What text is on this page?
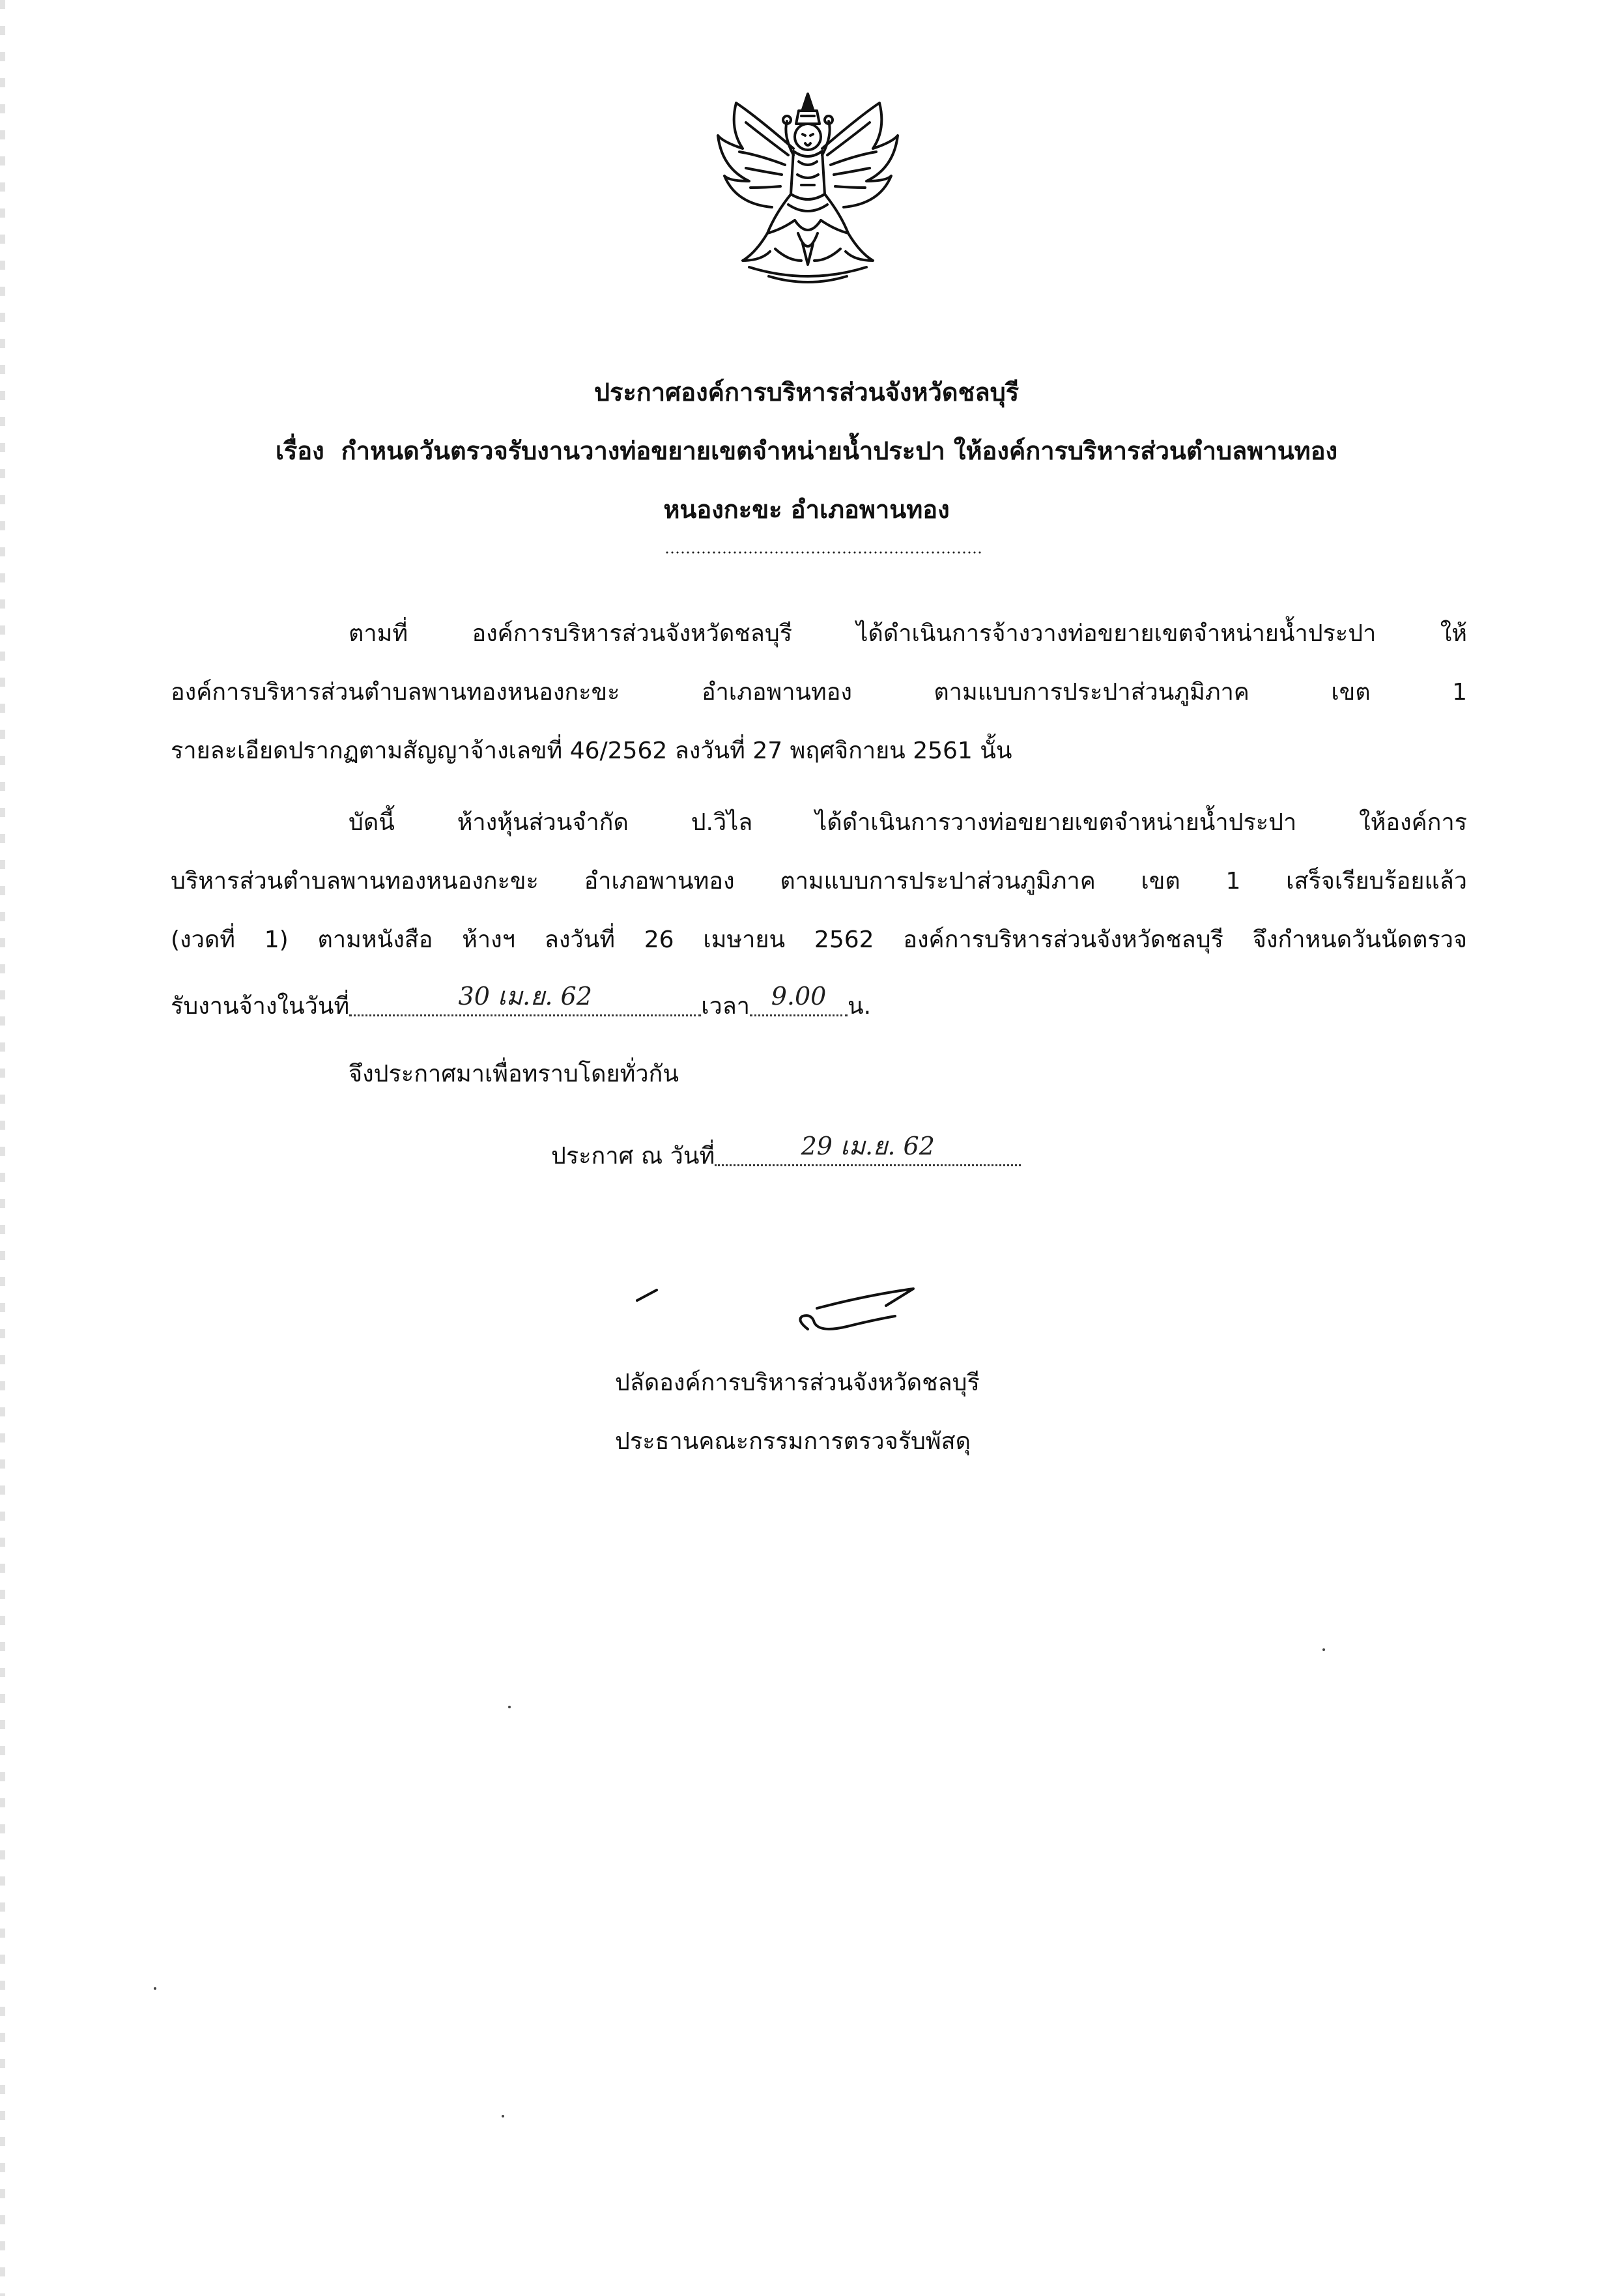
ประกาศองค์การบริหารส่วนจังหวัดชลบุรี
เรื่อง กำหนดวันตรวจรับงานวางท่อขยายเขตจำหน่ายน้ำประปา ให้องค์การบริหารส่วนตำบลพานทอง
หนองกะขะ อำเภอพานทอง
ตามที่ องค์การบริหารส่วนจังหวัดชลบุรี ได้ดำเนินการจ้างวางท่อขยายเขตจำหน่ายน้ำประปา ให้
องค์การบริหารส่วนตำบลพานทองหนองกะขะ อำเภอพานทอง ตามแบบการประปาส่วนภูมิภาค เขต 1
รายละเอียดปรากฏตามสัญญาจ้างเลขที่ 46/2562 ลงวันที่ 27 พฤศจิกายน 2561 นั้น
บัดนี้ ห้างหุ้นส่วนจำกัด ป.วิไล ได้ดำเนินการวางท่อขยายเขตจำหน่ายน้ำประปา ให้องค์การ
บริหารส่วนตำบลพานทองหนองกะขะ อำเภอพานทอง ตามแบบการประปาส่วนภูมิภาค เขต 1 เสร็จเรียบร้อยแล้ว
(งวดที่ 1) ตามหนังสือ ห้างฯ ลงวันที่ 26 เมษายน 2562 องค์การบริหารส่วนจังหวัดชลบุรี จึงกำหนดวันนัดตรวจ
รับงานจ้างในวันที่	30 เม.ย. 62	เวลา 9.00 น.
จึงประกาศมาเพื่อทราบโดยทั่วกัน
ประกาศ ณ วันที่	29 เม.ย. 62
ปลัดองค์การบริหารส่วนจังหวัดชลบุรี
ประธานคณะกรรมการตรวจรับพัสดุ
